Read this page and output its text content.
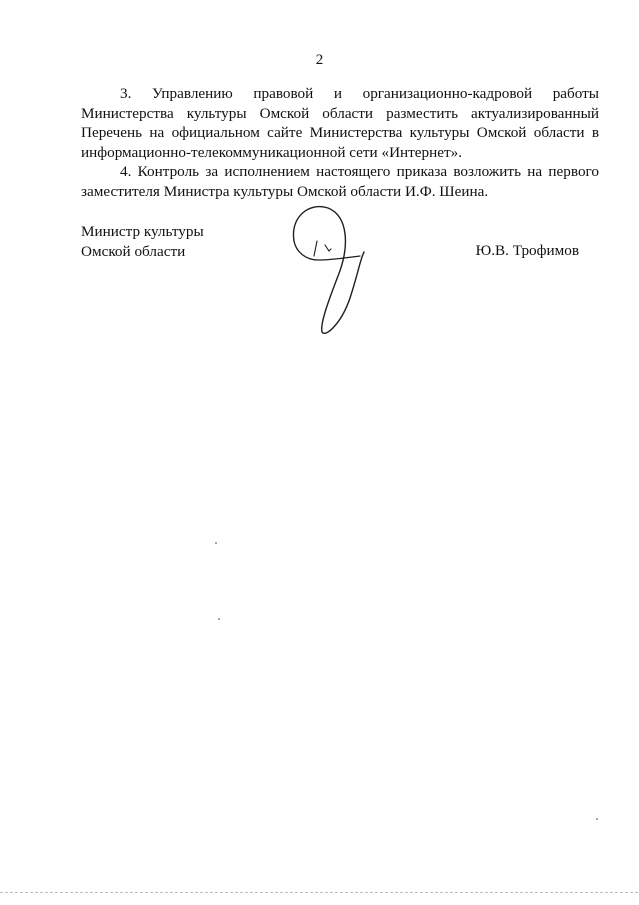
2

3. Управлению правовой и организационно-кадровой работы Министерства культуры Омской области разместить актуализированный Перечень на официальном сайте Министерства культуры Омской области в информационно-телекоммуникационной сети «Интернет».

4. Контроль за исполнением настоящего приказа возложить на первого заместителя Министра культуры Омской области И.Ф. Шеина.

Министр культуры
Омской области	Ю.В. Трофимов
